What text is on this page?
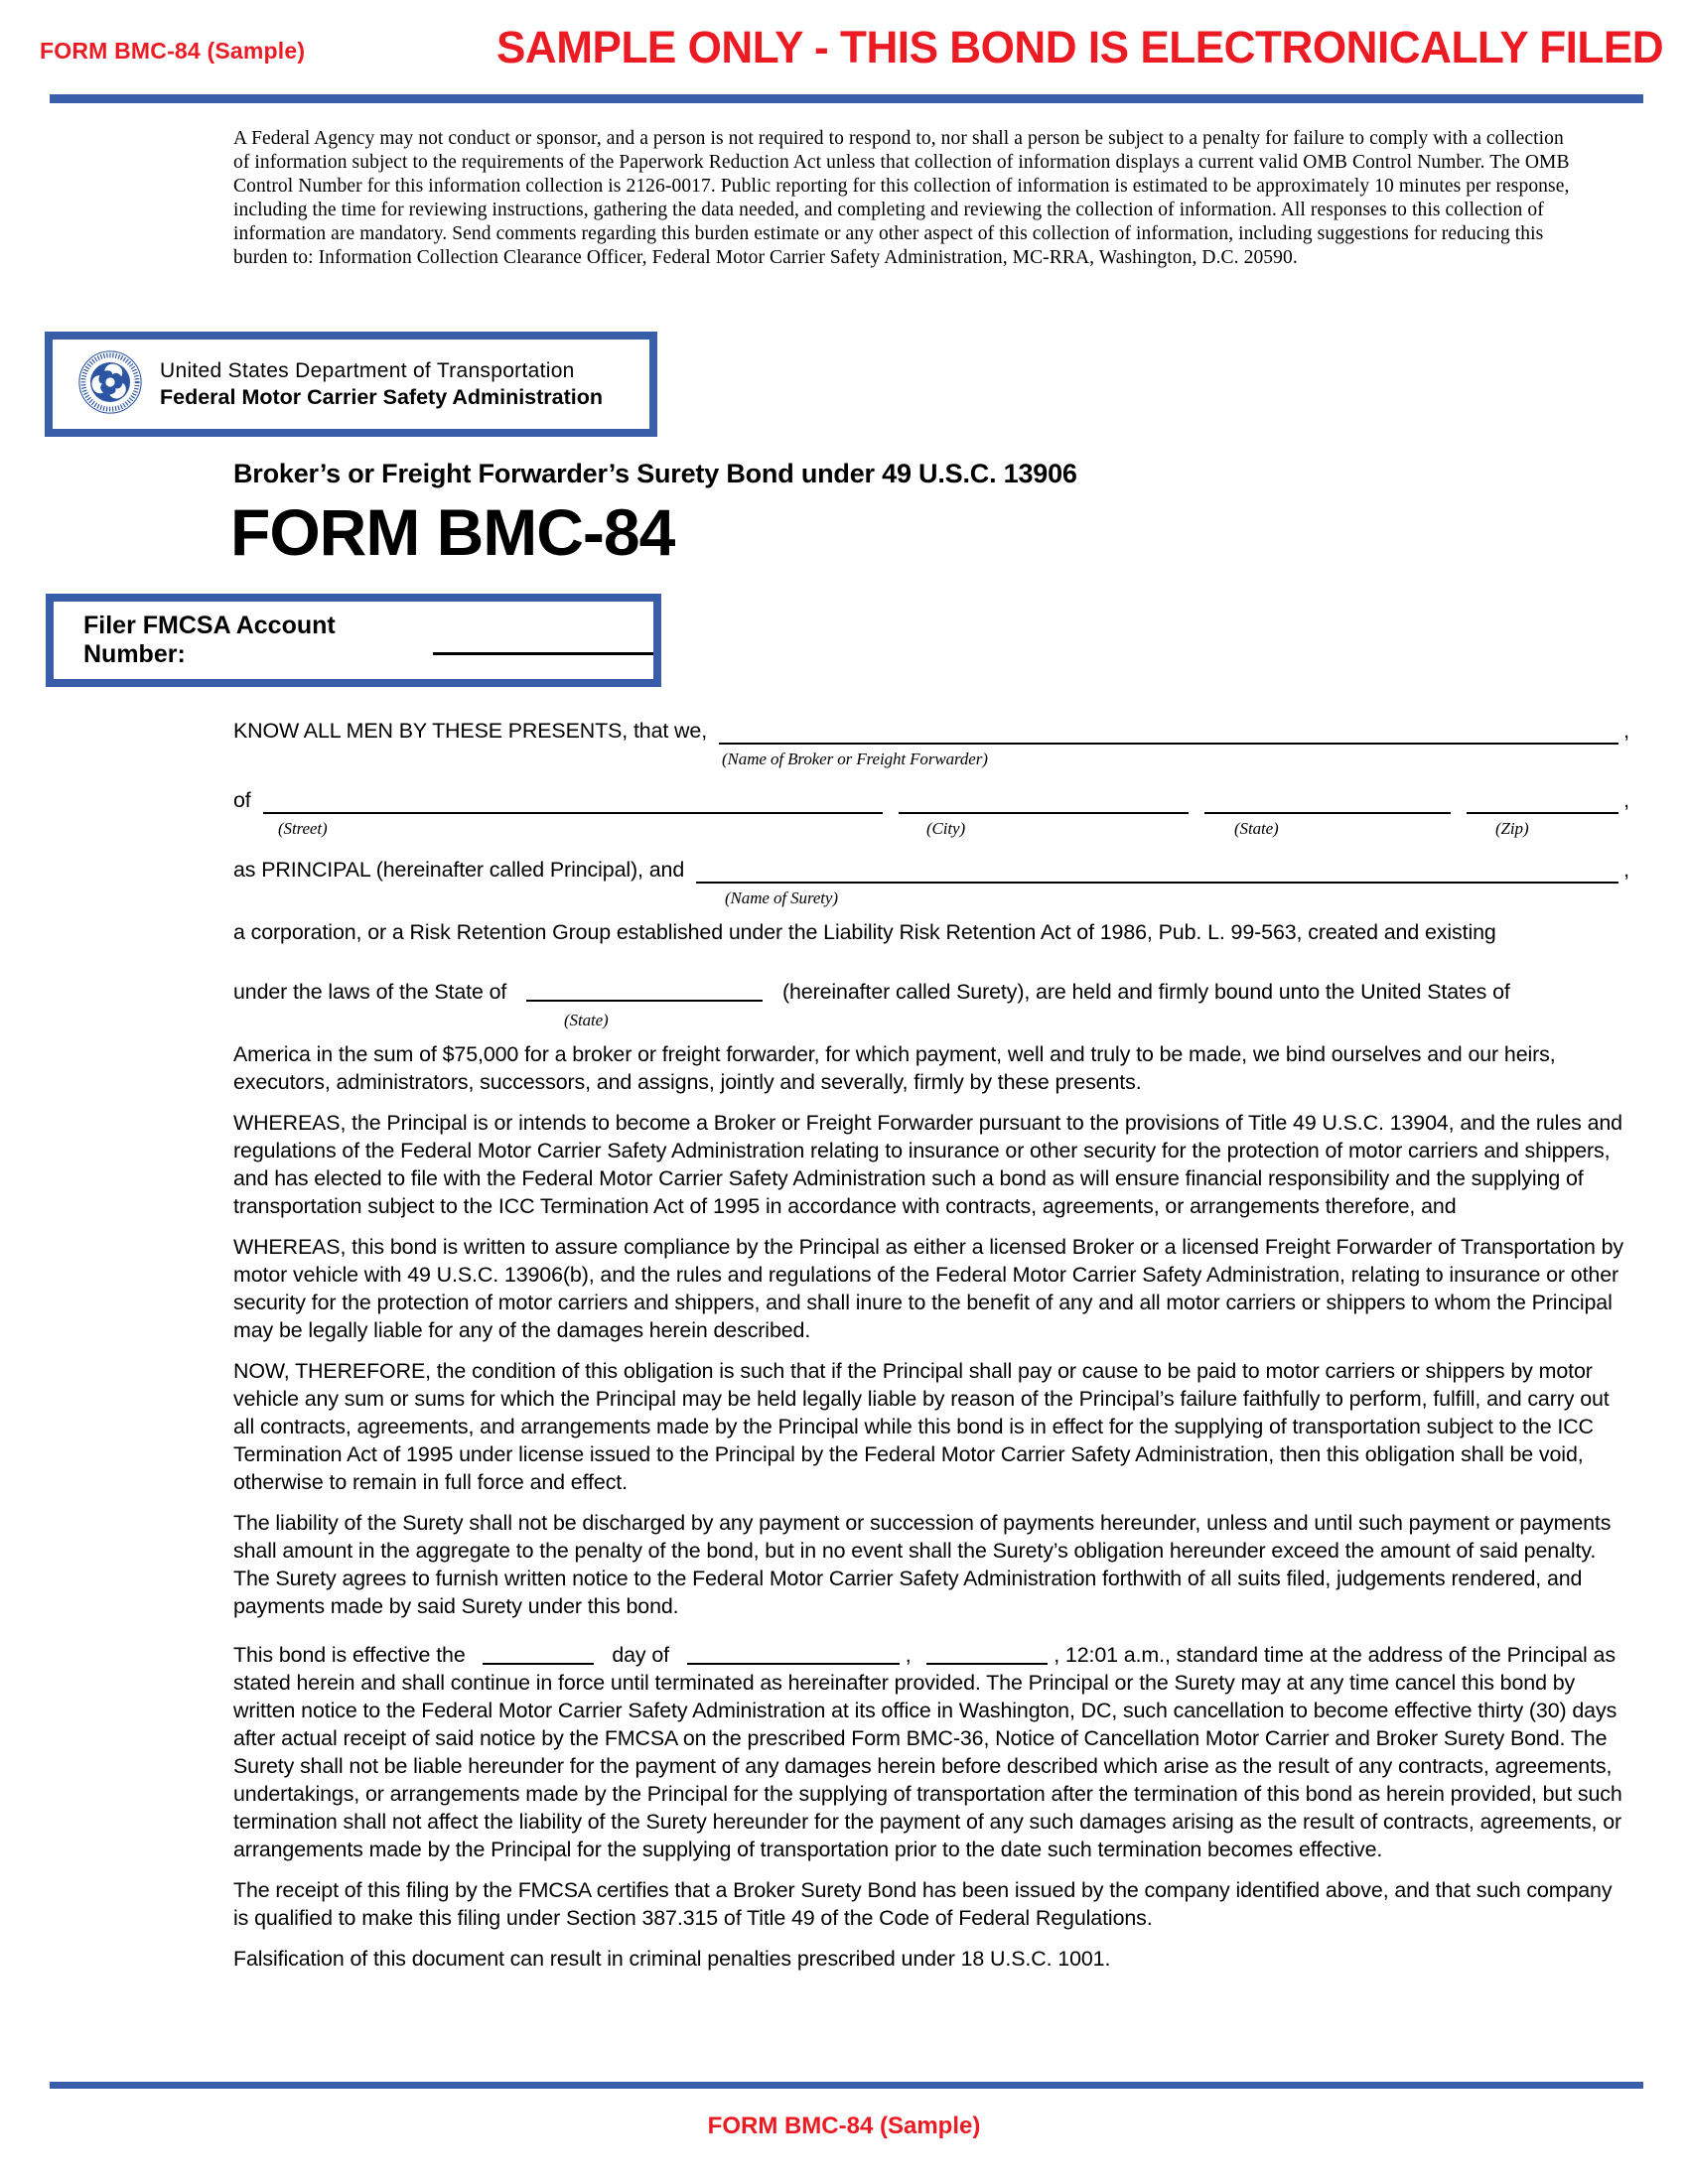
FORM BMC-84 (Sample)	SAMPLE ONLY - THIS BOND IS ELECTRONICALLY FILED
A Federal Agency may not conduct or sponsor, and a person is not required to respond to, nor shall a person be subject to a penalty for failure to comply with a collection of information subject to the requirements of the Paperwork Reduction Act unless that collection of information displays a current valid OMB Control Number. The OMB Control Number for this information collection is 2126-0017. Public reporting for this collection of information is estimated to be approximately 10 minutes per response, including the time for reviewing instructions, gathering the data needed, and completing and reviewing the collection of information. All responses to this collection of information are mandatory. Send comments regarding this burden estimate or any other aspect of this collection of information, including suggestions for reducing this burden to: Information Collection Clearance Officer, Federal Motor Carrier Safety Administration, MC-RRA, Washington, D.C. 20590.
United States Department of Transportation
Federal Motor Carrier Safety Administration
Broker’s or Freight Forwarder’s Surety Bond under 49 U.S.C. 13906
FORM BMC-84
Filer FMCSA Account Number:
KNOW ALL MEN BY THESE PRESENTS, that we,	,
(Name of Broker or Freight Forwarder)
of	,
(Street)	(City)	(State)	(Zip)
as PRINCIPAL (hereinafter called Principal), and	,
(Name of Surety)
a corporation, or a Risk Retention Group established under the Liability Risk Retention Act of 1986, Pub. L. 99-563, created and existing
under the laws of the State of	(hereinafter called Surety), are held and firmly bound unto the United States of
(State)
America in the sum of $75,000 for a broker or freight forwarder, for which payment, well and truly to be made, we bind ourselves and our heirs, executors, administrators, successors, and assigns, jointly and severally, firmly by these presents.
WHEREAS, the Principal is or intends to become a Broker or Freight Forwarder pursuant to the provisions of Title 49 U.S.C. 13904, and the rules and regulations of the Federal Motor Carrier Safety Administration relating to insurance or other security for the protection of motor carriers and shippers, and has elected to file with the Federal Motor Carrier Safety Administration such a bond as will ensure financial responsibility and the supplying of transportation subject to the ICC Termination Act of 1995 in accordance with contracts, agreements, or arrangements therefore, and
WHEREAS, this bond is written to assure compliance by the Principal as either a licensed Broker or a licensed Freight Forwarder of Transportation by motor vehicle with 49 U.S.C. 13906(b), and the rules and regulations of the Federal Motor Carrier Safety Administration, relating to insurance or other security for the protection of motor carriers and shippers, and shall inure to the benefit of any and all motor carriers or shippers to whom the Principal may be legally liable for any of the damages herein described.
NOW, THEREFORE, the condition of this obligation is such that if the Principal shall pay or cause to be paid to motor carriers or shippers by motor vehicle any sum or sums for which the Principal may be held legally liable by reason of the Principal’s failure faithfully to perform, fulfill, and carry out all contracts, agreements, and arrangements made by the Principal while this bond is in effect for the supplying of transportation subject to the ICC Termination Act of 1995 under license issued to the Principal by the Federal Motor Carrier Safety Administration, then this obligation shall be void, otherwise to remain in full force and effect.
The liability of the Surety shall not be discharged by any payment or succession of payments hereunder, unless and until such payment or payments shall amount in the aggregate to the penalty of the bond, but in no event shall the Surety’s obligation hereunder exceed the amount of said penalty. The Surety agrees to furnish written notice to the Federal Motor Carrier Safety Administration forthwith of all suits filed, judgements rendered, and payments made by said Surety under this bond.
This bond is effective the	day of	,	, 12:01 a.m., standard time at the address of the Principal as stated herein and shall continue in force until terminated as hereinafter provided. The Principal or the Surety may at any time cancel this bond by written notice to the Federal Motor Carrier Safety Administration at its office in Washington, DC, such cancellation to become effective thirty (30) days after actual receipt of said notice by the FMCSA on the prescribed Form BMC-36, Notice of Cancellation Motor Carrier and Broker Surety Bond. The Surety shall not be liable hereunder for the payment of any damages herein before described which arise as the result of any contracts, agreements, undertakings, or arrangements made by the Principal for the supplying of transportation after the termination of this bond as herein provided, but such termination shall not affect the liability of the Surety hereunder for the payment of any such damages arising as the result of contracts, agreements, or arrangements made by the Principal for the supplying of transportation prior to the date such termination becomes effective.
The receipt of this filing by the FMCSA certifies that a Broker Surety Bond has been issued by the company identified above, and that such company is qualified to make this filing under Section 387.315 of Title 49 of the Code of Federal Regulations.
Falsification of this document can result in criminal penalties prescribed under 18 U.S.C. 1001.
FORM BMC-84 (Sample)
